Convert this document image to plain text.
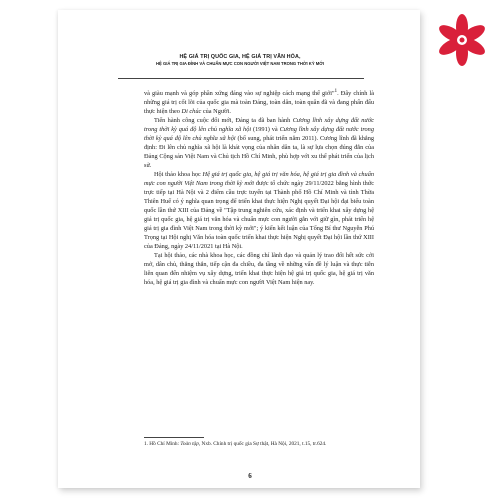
HỆ GIÁ TRỊ QUỐC GIA, HỆ GIÁ TRỊ VĂN HÓA,
HỆ GIÁ TRỊ GIA ĐÌNH VÀ CHUẨN MỰC CON NGƯỜI VIỆT NAM TRONG THỜI KỲ MỚI

và giàu mạnh và góp phần xứng đáng vào sự nghiệp cách mạng thế giới"$^1$. Đây chính là những giá trị cốt lõi của quốc gia mà toàn Đảng, toàn dân, toàn quân đã và đang phấn đấu thực hiện theo Di chúc của Người.

Tiến hành công cuộc đổi mới, Đảng ta đã ban hành Cương lĩnh xây dựng đất nước trong thời kỳ quá độ lên chủ nghĩa xã hội (1991) và Cương lĩnh xây dựng đất nước trong thời kỳ quá độ lên chủ nghĩa xã hội (bổ sung, phát triển năm 2011). Cương lĩnh đã khẳng định: Đi lên chủ nghĩa xã hội là khát vọng của nhân dân ta, là sự lựa chọn đúng đắn của Đảng Cộng sản Việt Nam và Chủ tịch Hồ Chí Minh, phù hợp với xu thế phát triển của lịch sử.

Hội thảo khoa học Hệ giá trị quốc gia, hệ giá trị văn hóa, hệ giá trị gia đình và chuẩn mực con người Việt Nam trong thời kỳ mới được tổ chức ngày 29/11/2022 bằng hình thức trực tiếp tại Hà Nội và 2 điểm cầu trực tuyến tại Thành phố Hồ Chí Minh và tỉnh Thừa Thiên Huế có ý nghĩa quan trọng để triển khai thực hiện Nghị quyết Đại hội đại biểu toàn quốc lần thứ XIII của Đảng về "Tập trung nghiên cứu, xác định và triển khai xây dựng hệ giá trị quốc gia, hệ giá trị văn hóa và chuẩn mực con người gắn với giữ gìn, phát triển hệ giá trị gia đình Việt Nam trong thời kỳ mới"; ý kiến kết luận của Tổng Bí thư Nguyễn Phú Trọng tại Hội nghị Văn hóa toàn quốc triển khai thực hiện Nghị quyết Đại hội lần thứ XIII của Đảng, ngày 24/11/2021 tại Hà Nội.

Tại hội thảo, các nhà khoa học, các đồng chí lãnh đạo và quản lý trao đổi hết sức cởi mở, dân chủ, thẳng thắn, tiếp cận đa chiều, đa tầng về những vấn đề lý luận và thực tiễn liên quan đến nhiệm vụ xây dựng, triển khai thực hiện hệ giá trị quốc gia, hệ giá trị văn hóa, hệ giá trị gia đình và chuẩn mực con người Việt Nam hiện nay.

1. Hồ Chí Minh: Toàn tập, Nxb. Chính trị quốc gia Sự thật, Hà Nội, 2021, t.15, tr.624.
6
